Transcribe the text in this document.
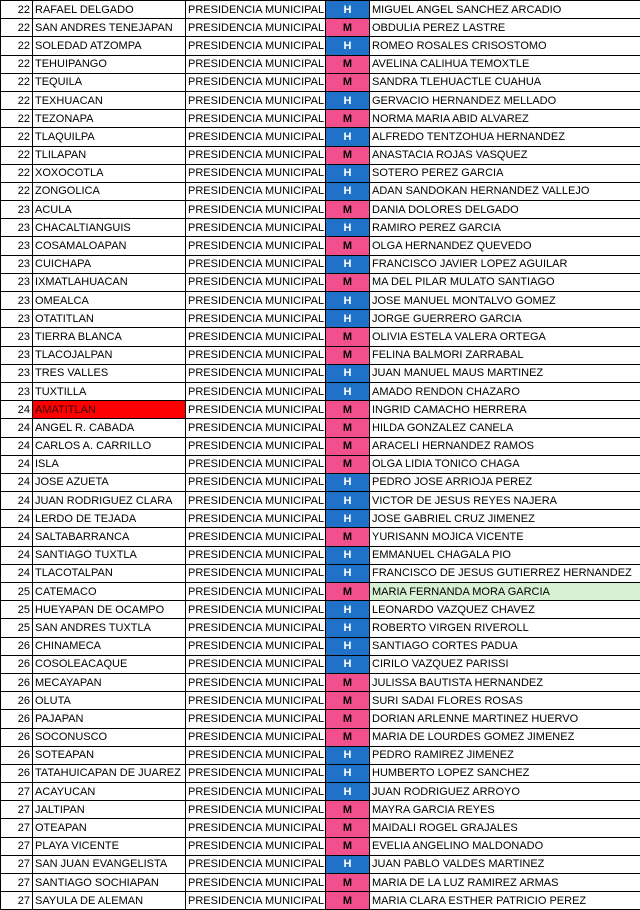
22	RAFAEL DELGADO	PRESIDENCIA MUNICIPAL	H	MIGUEL ANGEL SANCHEZ ARCADIO
22	SAN ANDRES TENEJAPAN	PRESIDENCIA MUNICIPAL	M	OBDULIA PEREZ LASTRE
22	SOLEDAD ATZOMPA	PRESIDENCIA MUNICIPAL	H	ROMEO ROSALES CRISOSTOMO
22	TEHUIPANGO	PRESIDENCIA MUNICIPAL	M	AVELINA CALIHUA TEMOXTLE
22	TEQUILA	PRESIDENCIA MUNICIPAL	M	SANDRA TLEHUACTLE CUAHUA
22	TEXHUACAN	PRESIDENCIA MUNICIPAL	H	GERVACIO HERNANDEZ MELLADO
22	TEZONAPA	PRESIDENCIA MUNICIPAL	M	NORMA MARIA ABID ALVAREZ
22	TLAQUILPA	PRESIDENCIA MUNICIPAL	H	ALFREDO TENTZOHUA HERNANDEZ
22	TLILAPAN	PRESIDENCIA MUNICIPAL	M	ANASTACIA ROJAS VASQUEZ
22	XOXOCOTLA	PRESIDENCIA MUNICIPAL	H	SOTERO PEREZ GARCIA
22	ZONGOLICA	PRESIDENCIA MUNICIPAL	H	ADAN SANDOKAN HERNANDEZ VALLEJO
23	ACULA	PRESIDENCIA MUNICIPAL	M	DANIA DOLORES DELGADO
23	CHACALTIANGUIS	PRESIDENCIA MUNICIPAL	H	RAMIRO PEREZ GARCIA
23	COSAMALOAPAN	PRESIDENCIA MUNICIPAL	M	OLGA HERNANDEZ QUEVEDO
23	CUICHAPA	PRESIDENCIA MUNICIPAL	H	FRANCISCO JAVIER LOPEZ AGUILAR
23	IXMATLAHUACAN	PRESIDENCIA MUNICIPAL	M	MA DEL PILAR MULATO SANTIAGO
23	OMEALCA	PRESIDENCIA MUNICIPAL	H	JOSE MANUEL MONTALVO GOMEZ
23	OTATITLAN	PRESIDENCIA MUNICIPAL	H	JORGE GUERRERO GARCIA
23	TIERRA BLANCA	PRESIDENCIA MUNICIPAL	M	OLIVIA ESTELA VALERA ORTEGA
23	TLACOJALPAN	PRESIDENCIA MUNICIPAL	M	FELINA BALMORI ZARRABAL
23	TRES VALLES	PRESIDENCIA MUNICIPAL	H	JUAN MANUEL MAUS MARTINEZ
23	TUXTILLA	PRESIDENCIA MUNICIPAL	H	AMADO RENDON CHAZARO
24	AMATITLAN	PRESIDENCIA MUNICIPAL	M	INGRID CAMACHO HERRERA
24	ANGEL R. CABADA	PRESIDENCIA MUNICIPAL	M	HILDA GONZALEZ CANELA
24	CARLOS A. CARRILLO	PRESIDENCIA MUNICIPAL	M	ARACELI HERNANDEZ RAMOS
24	ISLA	PRESIDENCIA MUNICIPAL	M	OLGA LIDIA TONICO CHAGA
24	JOSE AZUETA	PRESIDENCIA MUNICIPAL	H	PEDRO JOSE ARRIOJA PEREZ
24	JUAN RODRIGUEZ CLARA	PRESIDENCIA MUNICIPAL	H	VICTOR DE JESUS REYES NAJERA
24	LERDO DE TEJADA	PRESIDENCIA MUNICIPAL	H	JOSE GABRIEL CRUZ JIMENEZ
24	SALTABARRANCA	PRESIDENCIA MUNICIPAL	M	YURISANN MOJICA VICENTE
24	SANTIAGO TUXTLA	PRESIDENCIA MUNICIPAL	H	EMMANUEL CHAGALA PIO
24	TLACOTALPAN	PRESIDENCIA MUNICIPAL	H	FRANCISCO DE JESUS GUTIERREZ HERNANDEZ
25	CATEMACO	PRESIDENCIA MUNICIPAL	M	MARIA FERNANDA MORA GARCIA
25	HUEYAPAN DE OCAMPO	PRESIDENCIA MUNICIPAL	H	LEONARDO VAZQUEZ CHAVEZ
25	SAN ANDRES TUXTLA	PRESIDENCIA MUNICIPAL	H	ROBERTO VIRGEN RIVEROLL
26	CHINAMECA	PRESIDENCIA MUNICIPAL	H	SANTIAGO CORTES PADUA
26	COSOLEACAQUE	PRESIDENCIA MUNICIPAL	H	CIRILO VAZQUEZ PARISSI
26	MECAYAPAN	PRESIDENCIA MUNICIPAL	M	JULISSA BAUTISTA HERNANDEZ
26	OLUTA	PRESIDENCIA MUNICIPAL	M	SURI SADAI FLORES ROSAS
26	PAJAPAN	PRESIDENCIA MUNICIPAL	M	DORIAN ARLENNE MARTINEZ HUERVO
26	SOCONUSCO	PRESIDENCIA MUNICIPAL	M	MARIA DE LOURDES GOMEZ JIMENEZ
26	SOTEAPAN	PRESIDENCIA MUNICIPAL	H	PEDRO RAMIREZ JIMENEZ
26	TATAHUICAPAN DE JUAREZ	PRESIDENCIA MUNICIPAL	H	HUMBERTO LOPEZ SANCHEZ
27	ACAYUCAN	PRESIDENCIA MUNICIPAL	H	JUAN RODRIGUEZ ARROYO
27	JALTIPAN	PRESIDENCIA MUNICIPAL	M	MAYRA GARCIA REYES
27	OTEAPAN	PRESIDENCIA MUNICIPAL	M	MAIDALI ROGEL GRAJALES
27	PLAYA VICENTE	PRESIDENCIA MUNICIPAL	M	EVELIA ANGELINO MALDONADO
27	SAN JUAN EVANGELISTA	PRESIDENCIA MUNICIPAL	H	JUAN PABLO VALDES MARTINEZ
27	SANTIAGO SOCHIAPAN	PRESIDENCIA MUNICIPAL	M	MARIA DE LA LUZ RAMIREZ ARMAS
27	SAYULA DE ALEMAN	PRESIDENCIA MUNICIPAL	M	MARIA CLARA ESTHER PATRICIO PEREZ
